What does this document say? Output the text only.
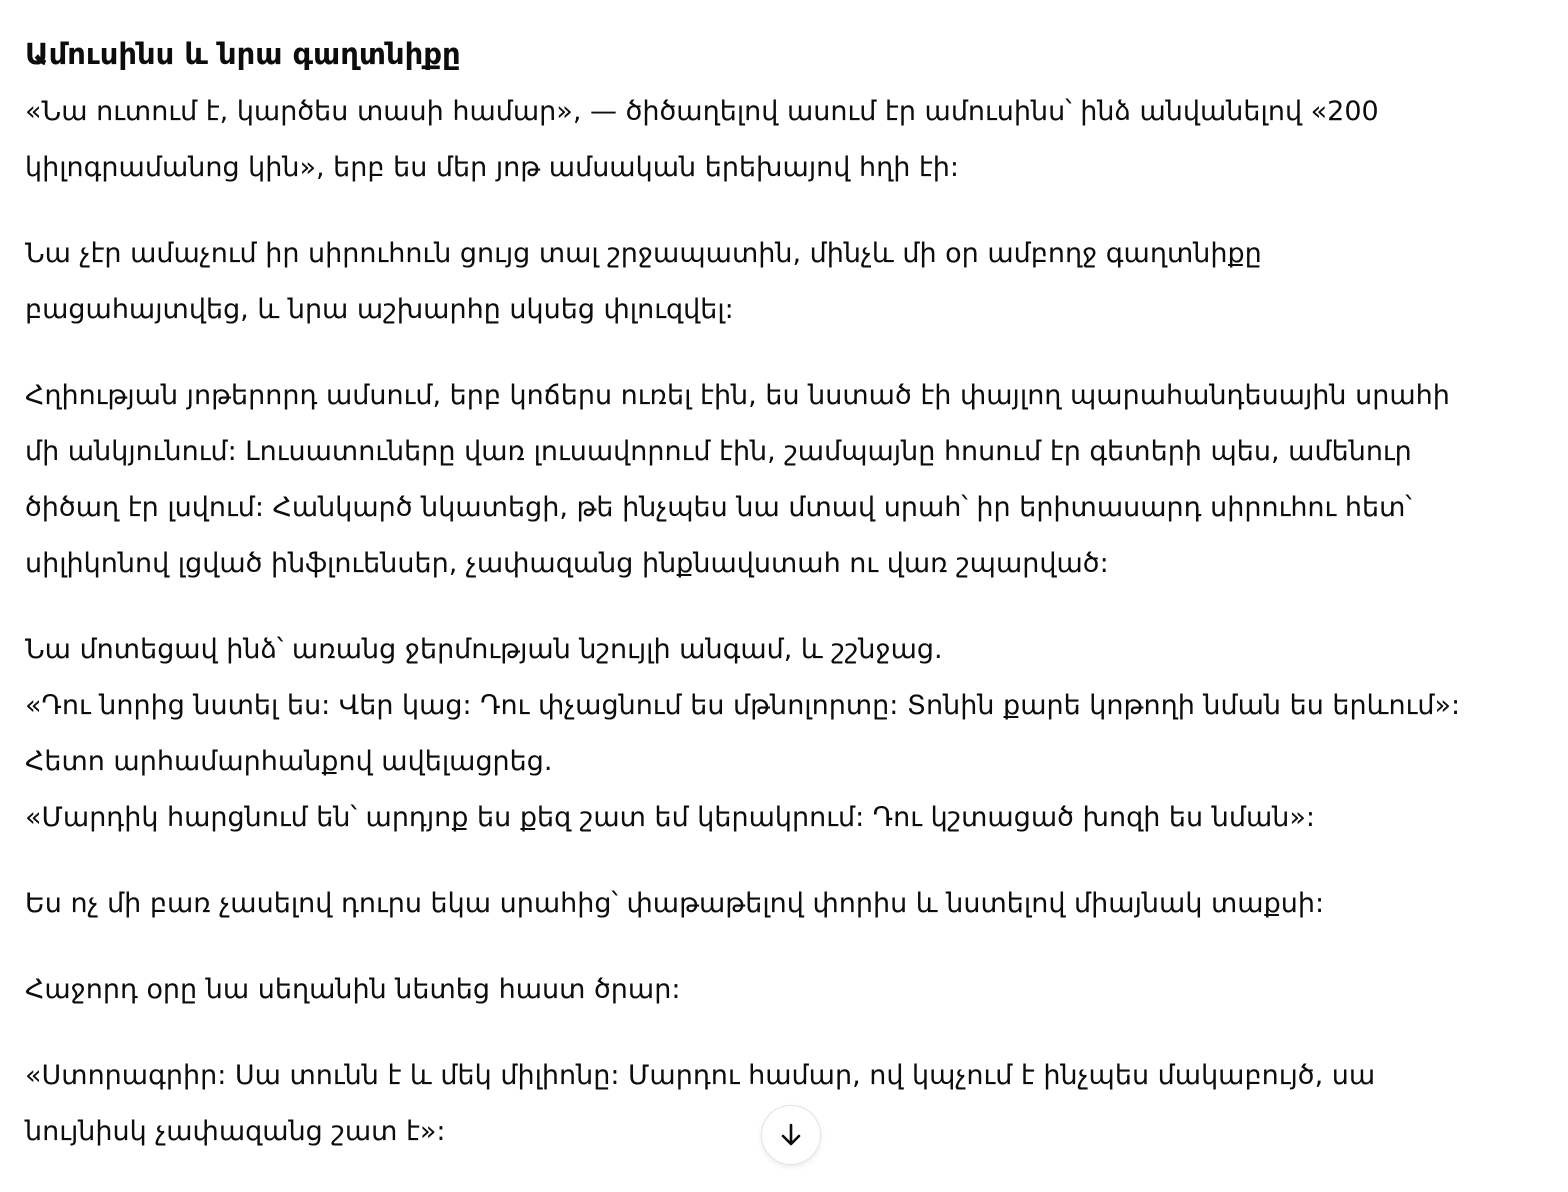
Ամուսինս և նրա գաղտնիքը

«Նա ուտում է, կարծես տասի համար», — ծիծաղելով ասում էր ամուսինս՝ ինձ անվանելով «200
կիլոգրամանոց կին», երբ ես մեր յոթ ամսական երեխայով հղի էի:

Նա չէր ամաչում իր սիրուհուն ցույց տալ շրջապատին, մինչև մի օր ամբողջ գաղտնիքը
բացահայտվեց, և նրա աշխարհը սկսեց փլուզվել:

Հղիության յոթերորդ ամսում, երբ կոճերս ուռել էին, ես նստած էի փայլող պարահանդեսային սրահի
մի անկյունում: Լուսատուները վառ լուսավորում էին, շամպայնը հոսում էր գետերի պես, ամենուր
ծիծաղ էր լսվում: Հանկարծ նկատեցի, թե ինչպես նա մտավ սրահ՝ իր երիտասարդ սիրուհու հետ՝
սիլիկոնով լցված ինֆլուենսեր, չափազանց ինքնավստահ ու վառ շպարված:

Նա մոտեցավ ինձ՝ առանց ջերմության նշույլի անգամ, և շշնջաց.
«Դու նորից նստել ես: Վեր կաց: Դու փչացնում ես մթնոլորտը: Տոնին քարե կոթողի նման ես երևում»:
Հետո արհամարհանքով ավելացրեց.
«Մարդիկ հարցնում են՝ արդյոք ես քեզ շատ եմ կերակրում: Դու կշտացած խոզի ես նման»:

Ես ոչ մի բառ չասելով դուրս եկա սրահից՝ փաթաթելով փորիս և նստելով միայնակ տաքսի:

Հաջորդ օրը նա սեղանին նետեց հաստ ծրար:

«Ստորագրիր: Սա տունն է և մեկ միլիոնը: Մարդու համար, ով կպչում է ինչպես մակաբույծ, սա
նույնիսկ չափազանց շատ է»:
